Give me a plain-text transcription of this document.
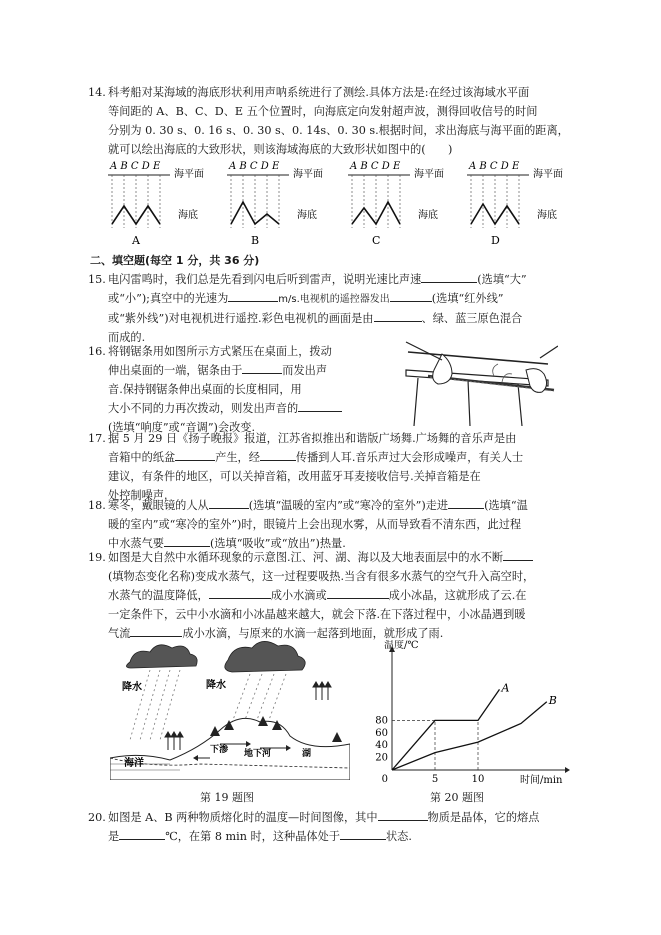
14. 科考船对某海域的海底形状利用声呐系统进行了测绘.具体方法是:在经过该海域水平面
等间距的 A、B、C、D、E 五个位置时，向海底定向发射超声波，测得回收信号的时间
分别为 0. 30 s、0. 16 s、0. 30 s、0. 14s、0. 30 s.根据时间，求出海底与海平面的距离，
就可以绘出海底的大致形状，则该海域海底的大致形状如图中的(　　)

A B C D E
海平面
海底
A
A B C D E
海平面
海底
B
A B C D E
海平面
海底
C
A B C D E
海平面
海底
D
二、填空题(每空 1 分，共 36 分)
15. 电闪雷鸣时，我们总是先看到闪电后听到雷声，说明光速比声速	(选填“大”
或“小”);真空中的光速为	m/s.电视机的遥控器发出	(选填“红外线”
或“紫外线”)对电视机进行遥控.彩色电视机的画面是由	、绿、蓝三原色混合
而成的.

16. 将钢锯条用如图所示方式紧压在桌面上，拨动
伸出桌面的一端，锯条由于	而发出声
音.保持钢锯条伸出桌面的长度相同，用
大小不同的力再次拨动，则发出声音的
(选填“响度”或“音调”)会改变.

17. 据 5 月 29 日《扬子晚报》报道，江苏省拟推出和谐版广场舞.广场舞的音乐声是由
音箱中的纸盆	产生，经	传播到人耳.音乐声过大会形成噪声，有关人士
建议，有条件的地区，可以关掉音箱，改用蓝牙耳麦接收信号.关掉音箱是在
处控制噪声.

18. 寒冬，戴眼镜的人从	(选填“温暖的室内”或“寒冷的室外”)走进	(选填“温
暖的室内”或“寒冷的室外”)时，眼镜片上会出现水雾，从而导致看不清东西，此过程
中水蒸气要	(选填“吸收”或“放出”)热量.

19. 如图是大自然中水循环现象的示意图.江、河、湖、海以及大地表面层中的水不断
(填物态变化名称)变成水蒸气，这一过程要吸热.当含有很多水蒸气的空气升入高空时，
水蒸气的温度降低，	成小水滴或	成小冰晶，这就形成了云.在
一定条件下，云中小水滴和小冰晶越来越大，就会下落.在下落过程中，小冰晶遇到暖
气流	成小水滴，与原来的水滴一起落到地面，就形成了雨.

降水	降水
海洋
下渗 地下河	湖
第 19 题图
A
B
20
40
60
80
5	10
0
温度/℃
时间/min
第 20 题图
20. 如图是 A、B 两种物质熔化时的温度—时间图像，其中	物质是晶体，它的熔点
是	℃，在第 8 min 时，这种晶体处于	状态.
